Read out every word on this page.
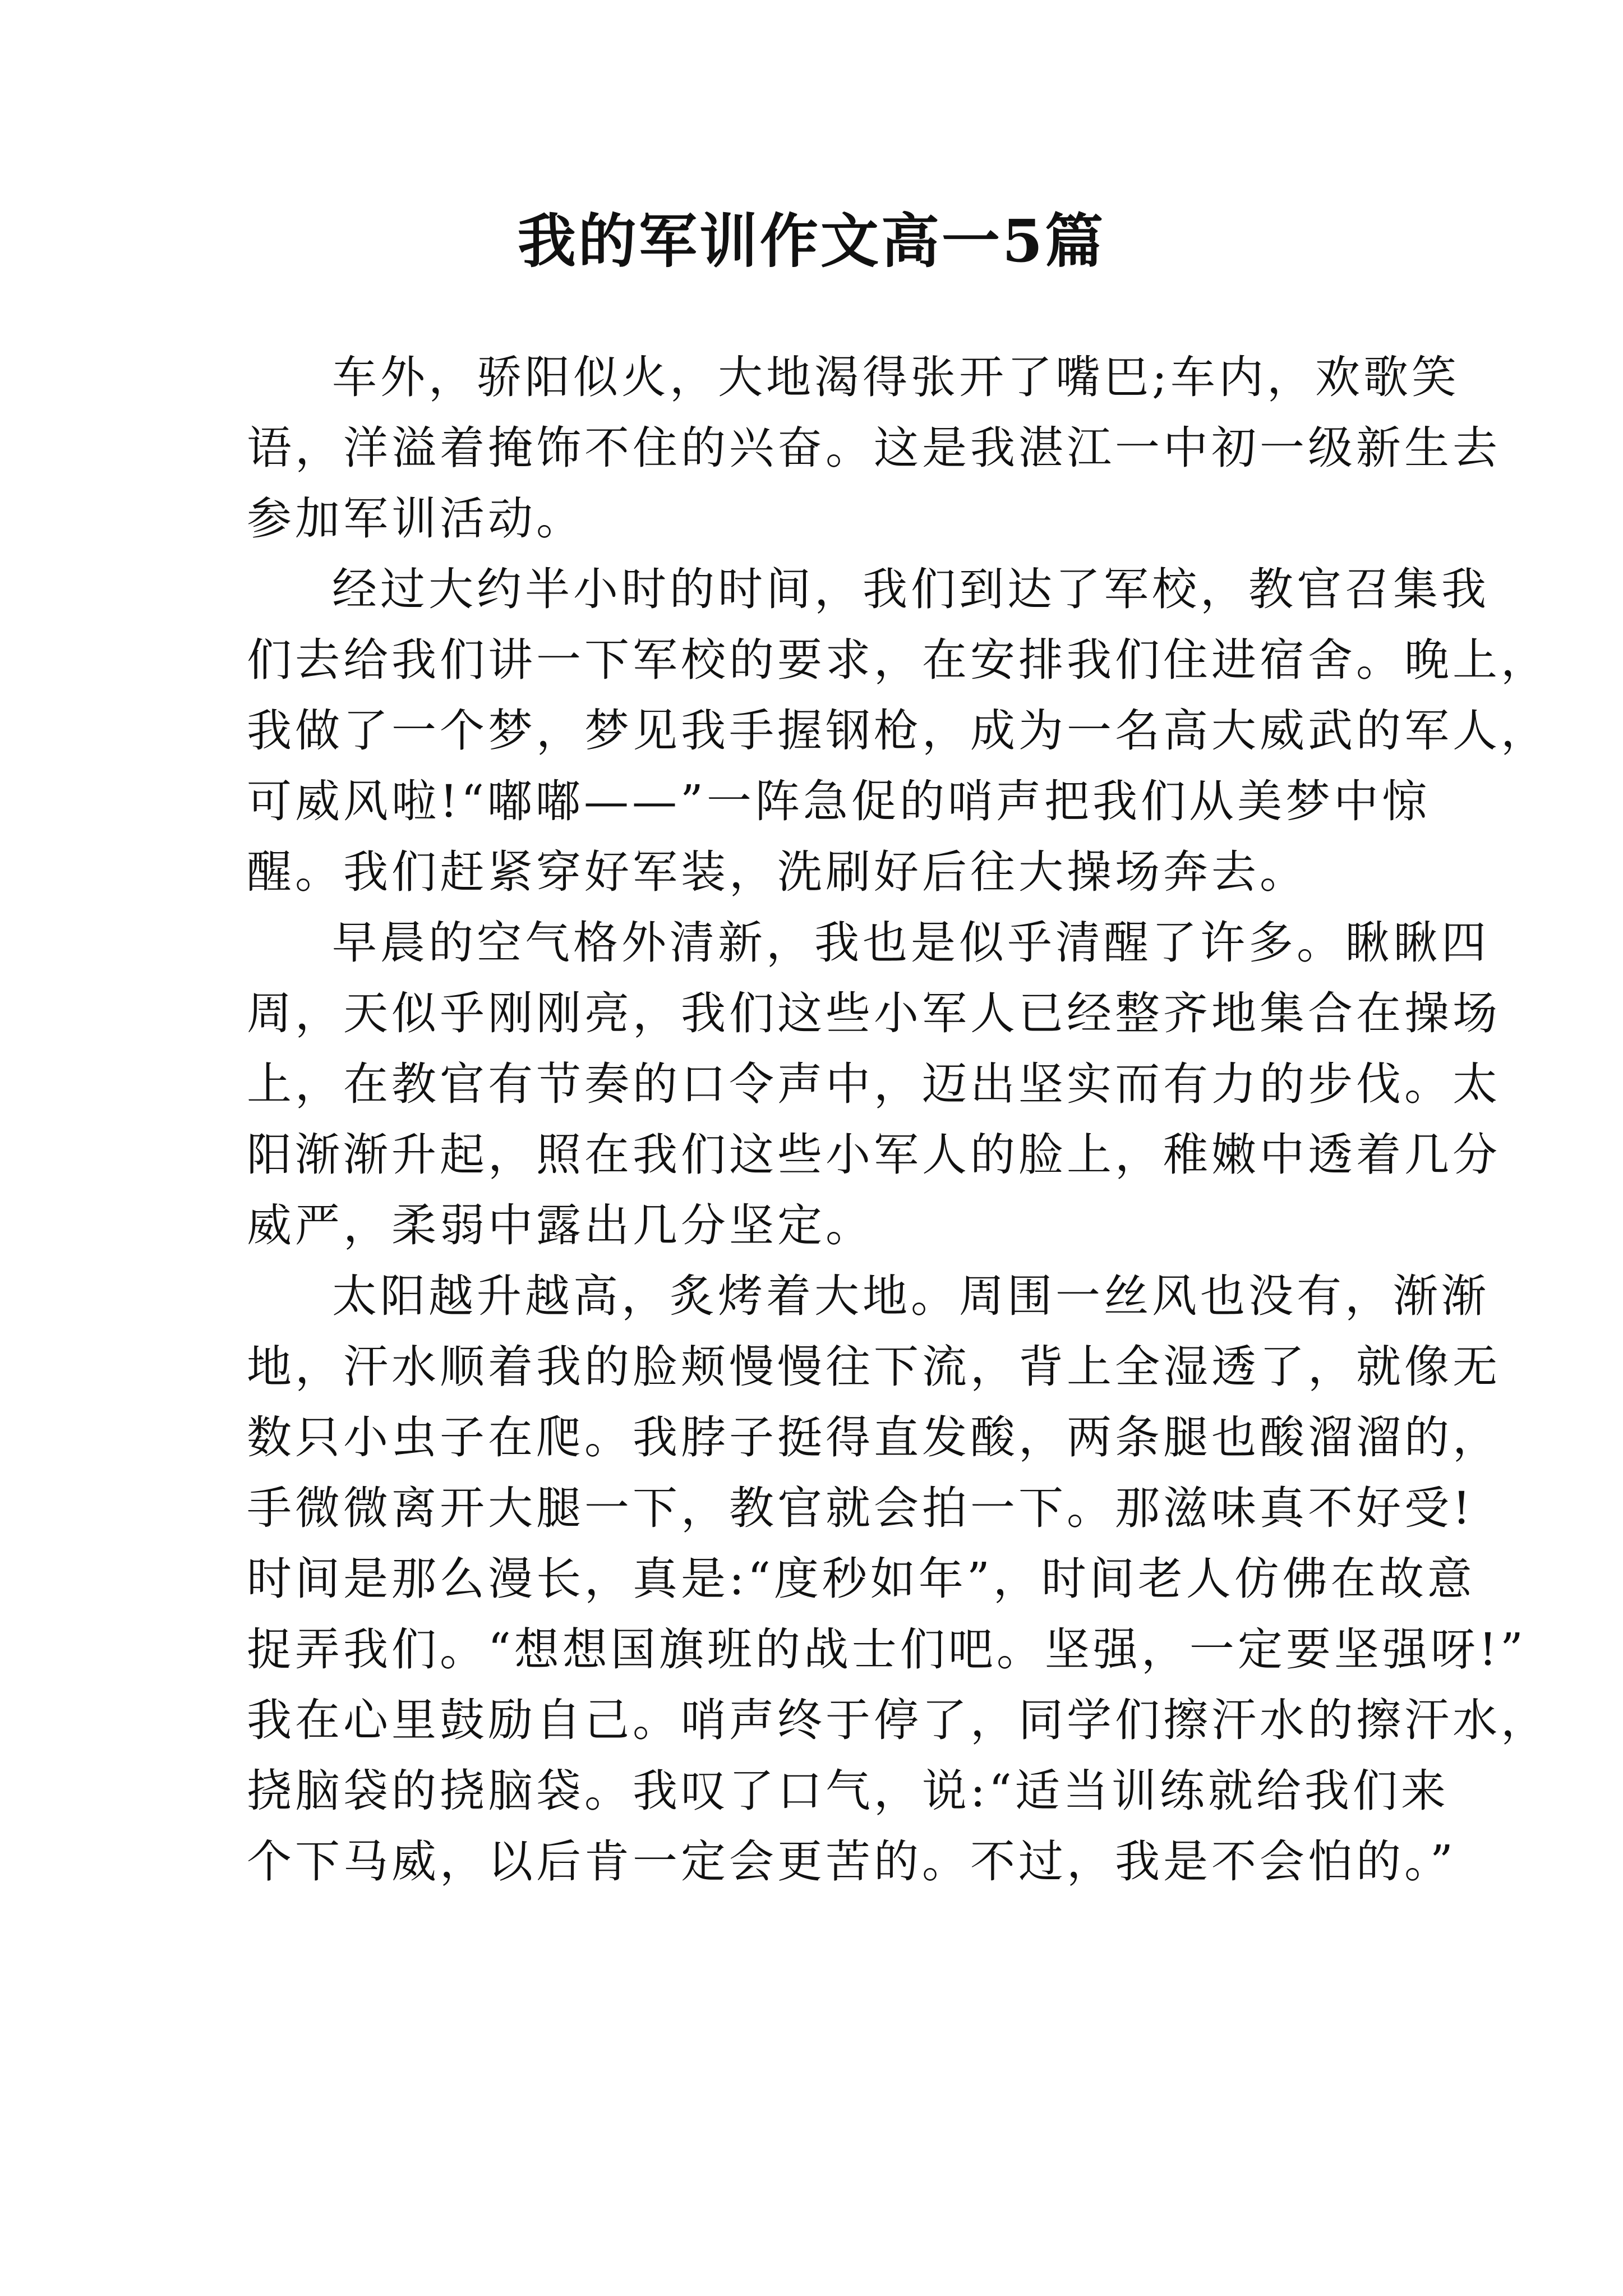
我的军训作文高一5篇
车外，骄阳似火，大地渴得张开了嘴巴;车内，欢歌笑
语，洋溢着掩饰不住的兴奋。这是我湛江一中初一级新生去
参加军训活动。
经过大约半小时的时间，我们到达了军校，教官召集我
们去给我们讲一下军校的要求，在安排我们住进宿舍。晚上，
我做了一个梦，梦见我手握钢枪，成为一名高大威武的军人，
可威风啦!“嘟嘟——”一阵急促的哨声把我们从美梦中惊
醒。我们赶紧穿好军装，洗刷好后往大操场奔去。
早晨的空气格外清新，我也是似乎清醒了许多。瞅瞅四
周，天似乎刚刚亮，我们这些小军人已经整齐地集合在操场
上，在教官有节奏的口令声中，迈出坚实而有力的步伐。太
阳渐渐升起，照在我们这些小军人的脸上，稚嫩中透着几分
威严，柔弱中露出几分坚定。
太阳越升越高，炙烤着大地。周围一丝风也没有，渐渐
地，汗水顺着我的脸颊慢慢往下流，背上全湿透了，就像无
数只小虫子在爬。我脖子挺得直发酸，两条腿也酸溜溜的，
手微微离开大腿一下，教官就会拍一下。那滋味真不好受!
时间是那么漫长，真是:“度秒如年”，时间老人仿佛在故意
捉弄我们。“想想国旗班的战士们吧。坚强，一定要坚强呀!”
我在心里鼓励自己。哨声终于停了，同学们擦汗水的擦汗水，
挠脑袋的挠脑袋。我叹了口气，说:“适当训练就给我们来
个下马威，以后肯一定会更苦的。不过，我是不会怕的。”
